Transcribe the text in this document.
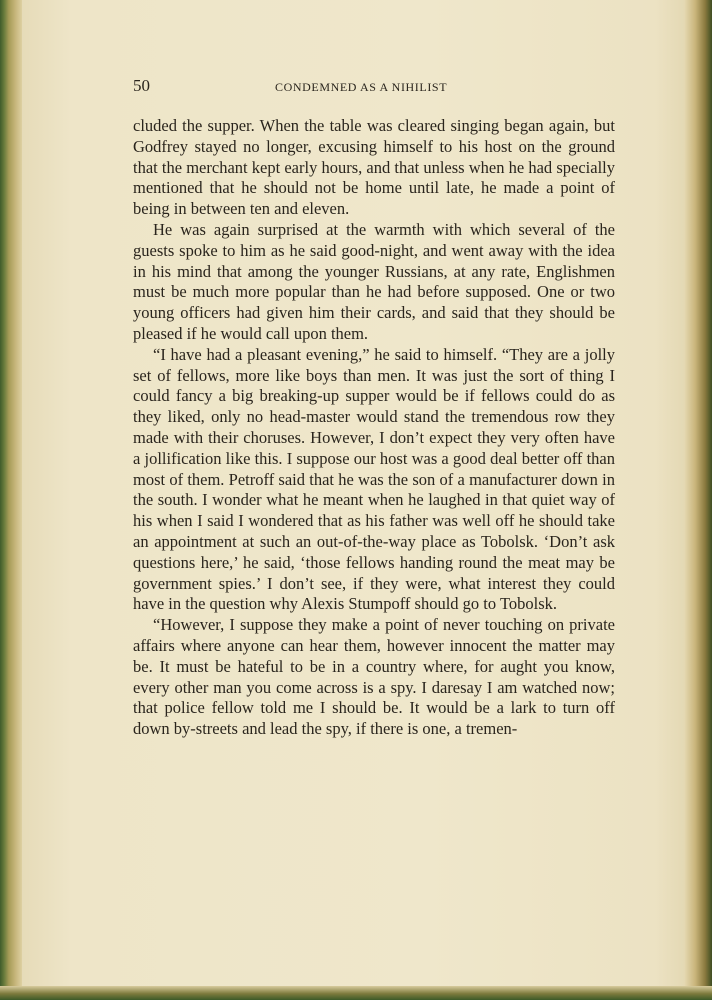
50	CONDEMNED AS A NIHILIST

cluded the supper. When the table was cleared singing began again, but Godfrey stayed no longer, excusing himself to his host on the ground that the merchant kept early hours, and that unless when he had specially mentioned that he should not be home until late, he made a point of being in between ten and eleven.

He was again surprised at the warmth with which several of the guests spoke to him as he said good-night, and went away with the idea in his mind that among the younger Russians, at any rate, Englishmen must be much more popular than he had before supposed. One or two young officers had given him their cards, and said that they should be pleased if he would call upon them.

“I have had a pleasant evening,” he said to himself. “They are a jolly set of fellows, more like boys than men. It was just the sort of thing I could fancy a big breaking-up supper would be if fellows could do as they liked, only no head-master would stand the tremendous row they made with their choruses. However, I don’t expect they very often have a jollification like this. I suppose our host was a good deal better off than most of them. Petroff said that he was the son of a manufacturer down in the south. I wonder what he meant when he laughed in that quiet way of his when I said I wondered that as his father was well off he should take an appointment at such an out-of-the-way place as Tobolsk. ‘Don’t ask questions here,’ he said, ‘those fellows handing round the meat may be government spies.’ I don’t see, if they were, what interest they could have in the question why Alexis Stumpoff should go to Tobolsk.

“However, I suppose they make a point of never touching on private affairs where anyone can hear them, however innocent the matter may be. It must be hateful to be in a country where, for aught you know, every other man you come across is a spy. I daresay I am watched now; that police fellow told me I should be. It would be a lark to turn off down by-streets and lead the spy, if there is one, a tremen-
